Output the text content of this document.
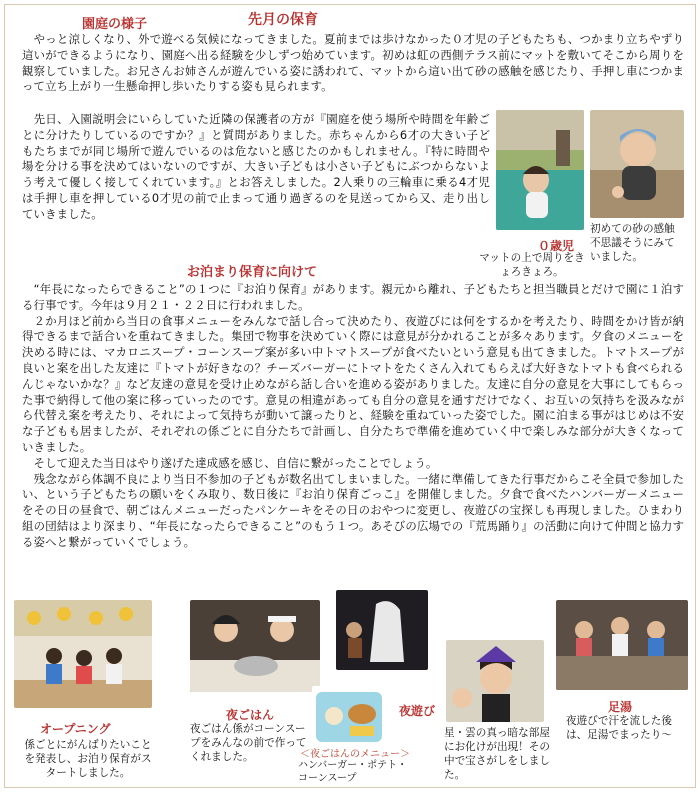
園庭の様子	先月の保育

　やっと涼しくなり、外で遊べる気候になってきました。夏前までは歩けなかった０才児の子どもたちも、つかまり立ちやずり這いができるようになり、園庭へ出る経験を少しずつ始めています。初めは虹の西側テラス前にマットを敷いてそこから周りを観察していました。お兄さんお姉さんが遊んでいる姿に誘われて、マットから這い出て砂の感触を感じたり、手押し車につかまって立ち上がり一生懸命押し歩いたりする姿も見られます。

　先日、入園説明会にいらしていた近隣の保護者の方が『園庭を使う場所や時間を年齢ごとに分けたりしているのですか？』と質問がありました。赤ちゃんから6才の大きい子どもたちまでが同じ場所で遊んでいるのは危ないと感じたのかもしれません。『特に時間や場を分ける事を決めてはいないのですが、大きい子どもは小さい子どもにぶつからないよう考えて優しく接してくれています。』とお答えしました。2人乗りの三輪車に乗る4才児は手押し車を押している0才児の前で止まって通り過ぎるのを見送ってから又、走り出していきました。

０歳児
マットの上で周りをきょろきょろ。
初めての砂の感触不思議そうにみていました。
お泊まり保育に向けて

　“年長になったらできること”の１つに『お泊り保育』があります。親元から離れ、子どもたちと担当職員とだけで園に１泊する行事です。今年は９月２１・２２日に行われました。

　２か月ほど前から当日の食事メニューをみんなで話し合って決めたり、夜遊びには何をするかを考えたり、時間をかけ皆が納得できるまで話合いを重ねてきました。集団で物事を決めていく際には意見が分かれることが多々あります。夕食のメニューを決める時には、マカロニスープ・コーンスープ案が多い中トマトスープが食べたいという意見も出てきました。トマトスープが良いと案を出した友達に『トマトが好きなの？チーズバーガーにトマトをたくさん入れてもらえば大好きなトマトも食べられるんじゃないかな？』など友達の意見を受け止めながら話し合いを進める姿がありました。友達に自分の意見を大事にしてもらった事で納得して他の案に移っていったのです。意見の相違があっても自分の意見を通すだけでなく、お互いの気持ちを汲みながら代替え案を考えたり、それによって気持ちが動いて譲ったりと、経験を重ねていった姿でした。園に泊まる事がはじめは不安な子どもも居ましたが、それぞれの係ごとに自分たちで計画し、自分たちで準備を進めていく中で楽しみな部分が大きくなっていきました。

　そして迎えた当日はやり遂げた達成感を感じ、自信に繋がったことでしょう。

　残念ながら体調不良により当日不参加の子どもが数名出てしまいました。一緒に準備してきた行事だからこそ全員で参加したい、という子どもたちの願いをくみ取り、数日後に『お泊り保育ごっこ』を開催しました。夕食で食べたハンバーガーメニューをその日の昼食で、朝ごはんメニューだったパンケーキをその日のおやつに変更し、夜遊びの宝探しも再現しました。ひまわり組の団結はより深まり、“年長になったらできること”のもう１つ。あそびの広場での『荒馬踊り』の活動に向けて仲間と協力する姿へと繋がっていくでしょう。

オープニング
係ごとにがんばりたいことを発表し、お泊り保育がスタートしました。
夜ごはん
夜ごはん係がコーンスープをみんなの前で作ってくれました。
夜遊び
＜夜ごはんのメニュー＞
ハンバーガー・ポテト・コーンスープ
星・雲の真っ暗な部屋にお化けが出現！その中で宝さがしをしました。
足湯
夜遊びで汗を流した後は、足湯でまったり〜
